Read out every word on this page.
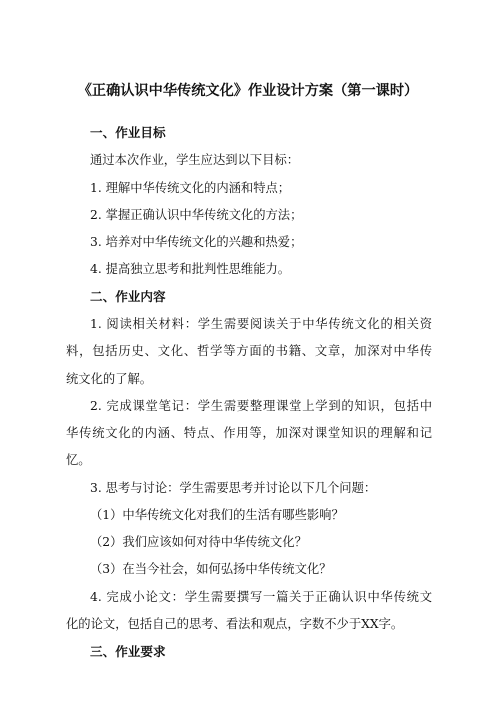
《正确认识中华传统文化》作业设计方案（第一课时）
一、作业目标
通过本次作业，学生应达到以下目标：
1. 理解中华传统文化的内涵和特点；
2. 掌握正确认识中华传统文化的方法；
3. 培养对中华传统文化的兴趣和热爱；
4. 提高独立思考和批判性思维能力。
二、作业内容
1. 阅读相关材料：学生需要阅读关于中华传统文化的相关资
料，包括历史、文化、哲学等方面的书籍、文章，加深对中华传
统文化的了解。
2. 完成课堂笔记：学生需要整理课堂上学到的知识，包括中
华传统文化的内涵、特点、作用等，加深对课堂知识的理解和记
忆。
3. 思考与讨论：学生需要思考并讨论以下几个问题：
（1）中华传统文化对我们的生活有哪些影响？
（2）我们应该如何对待中华传统文化？
（3）在当今社会，如何弘扬中华传统文化？
4. 完成小论文：学生需要撰写一篇关于正确认识中华传统文
化的论文，包括自己的思考、看法和观点，字数不少于XX字。
三、作业要求
